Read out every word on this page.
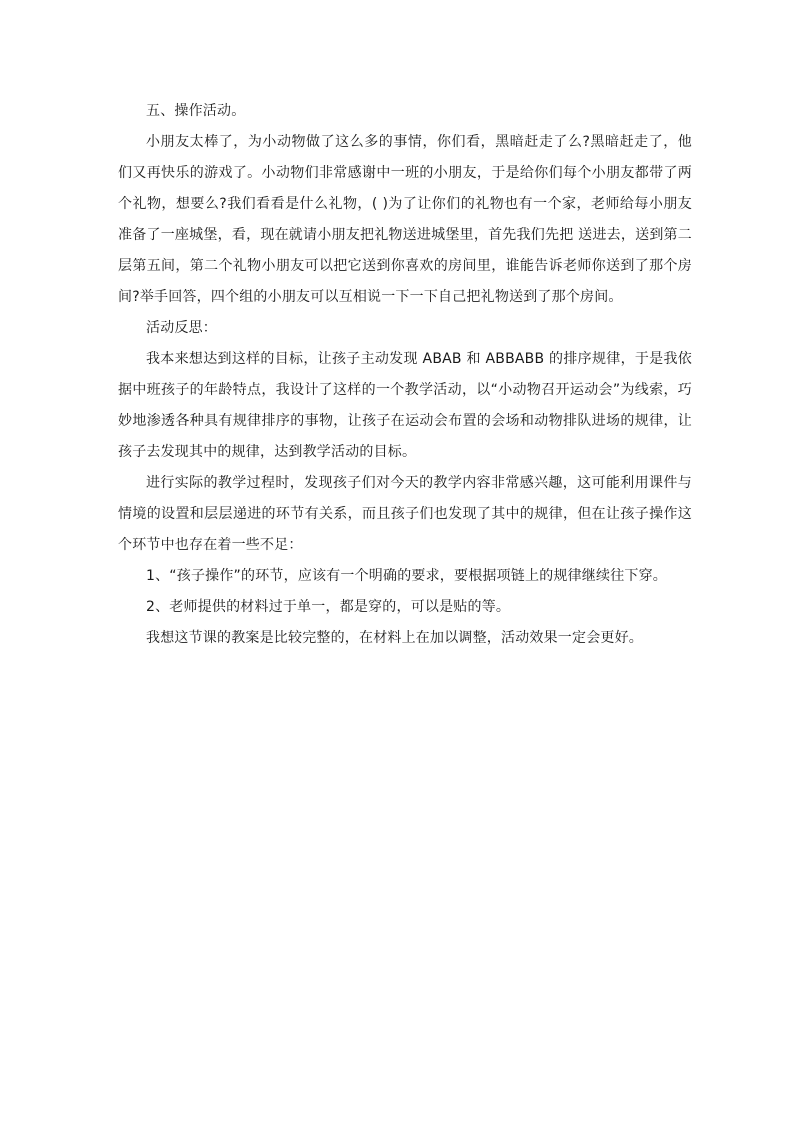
五、操作活动。

小朋友太棒了，为小动物做了这么多的事情，你们看，黑暗赶走了么?黑暗赶走了，他们又再快乐的游戏了。小动物们非常感谢中一班的小朋友，于是给你们每个小朋友都带了两个礼物，想要么?我们看看是什么礼物，( )为了让你们的礼物也有一个家，老师给每小朋友准备了一座城堡，看，现在就请小朋友把礼物送进城堡里，首先我们先把 送进去，送到第二层第五间，第二个礼物小朋友可以把它送到你喜欢的房间里，谁能告诉老师你送到了那个房间?举手回答，四个组的小朋友可以互相说一下一下自己把礼物送到了那个房间。

活动反思：

我本来想达到这样的目标，让孩子主动发现 ABAB 和 ABBABB 的排序规律，于是我依据中班孩子的年龄特点，我设计了这样的一个教学活动，以“小动物召开运动会”为线索，巧妙地渗透各种具有规律排序的事物，让孩子在运动会布置的会场和动物排队进场的规律，让孩子去发现其中的规律，达到教学活动的目标。

进行实际的教学过程时，发现孩子们对今天的教学内容非常感兴趣，这可能利用课件与情境的设置和层层递进的环节有关系，而且孩子们也发现了其中的规律，但在让孩子操作这个环节中也存在着一些不足：

1、“孩子操作”的环节，应该有一个明确的要求，要根据项链上的规律继续往下穿。

2、老师提供的材料过于单一，都是穿的，可以是贴的等。

我想这节课的教案是比较完整的，在材料上在加以调整，活动效果一定会更好。
